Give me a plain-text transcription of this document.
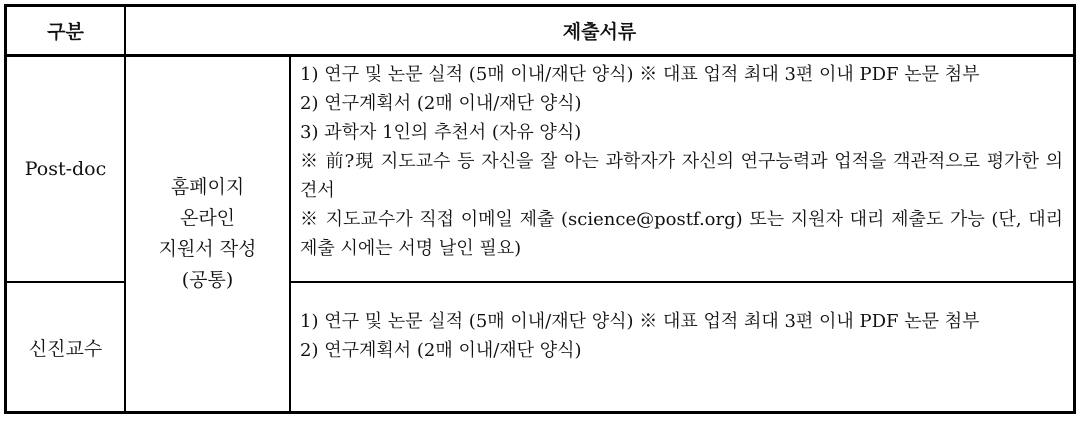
구분	제출서류
Post-doc
신진교수
홈페이지
온라인
지원서 작성
(공통)
1) 연구 및 논문 실적 (5매 이내/재단 양식) ※ 대표 업적 최대 3편 이내 PDF 논문 첨부
2) 연구계획서 (2매 이내/재단 양식)
3) 과학자 1인의 추천서 (자유 양식)
※ 前?現 지도교수 등 자신을 잘 아는 과학자가 자신의 연구능력과 업적을 객관적으로 평가한 의견서
※ 지도교수가 직접 이메일 제출 (science@postf.org) 또는 지원자 대리 제출도 가능 (단, 대리 제출 시에는 서명 날인 필요)
1) 연구 및 논문 실적 (5매 이내/재단 양식) ※ 대표 업적 최대 3편 이내 PDF 논문 첨부
2) 연구계획서 (2매 이내/재단 양식)
